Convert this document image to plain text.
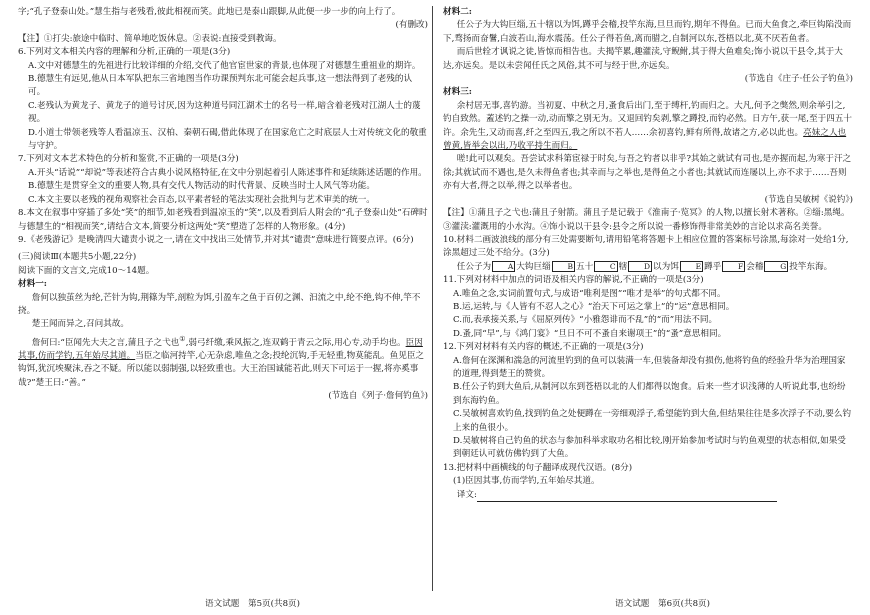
字;“孔子登泰山处。”慧生指与老残看,彼此相视而笑。此地已是泰山跟脚,从此便一步一步的向上行了。

(有删改)

【注】①打尖:旅途中临时、简单地吃饭休息。②表说:直接受到教诲。

6.下列对文本相关内容的理解和分析,正确的一项是(3分)

A.文中对德慧生的先祖进行比较详细的介绍,交代了他官宦世家的背景,也体现了对德慧生重祖业的期许。

B.德慧生有远见,他从日本军队把东三省地图当作功课预判东北可能会起兵事,这一想法得到了老残的认可。

C.老残认为黄龙子、黄龙子的道号讨厌,因为这种道号同江湖术士的名号一样,暗含着老残对江湖人士的蔑视。

D.小道士带领老残等人看温凉玉、汉柏、秦朝石碣,借此体现了在国家危亡之时底层人士对传统文化的敬重与守护。

7.下列对文本艺术特色的分析和鉴赏,不正确的一项是(3分)

A.开头“话说”“却说”等表述符合古典小说风格特征,在文中分别起着引人陈述事件和延续陈述话题的作用。

B.德慧生是贯穿全文的重要人物,具有交代人物活动的时代背景、反映当时士人风气等功能。

C.本文主要以老残的视角观察社会百态,以平素者轻的笔法实现社会批判与艺术审美的统一。

8.本文在叙事中穿插了多处“笑”的细节,如老残看到温凉玉的“笑”,以及看到后人附会的“孔子登泰山处”石碑时与德慧生的“相视而笑”,请结合文本,简要分析这两处“笑”塑造了怎样的人物形象。(4分)

9.《老残游记》是晚清四大谴责小说之一,请在文中找出三处情节,并对其“谴责”意味进行简要点评。(6分)

(三)阅读Ⅲ(本题共5小题,22分)

阅读下面的文言文,完成10～14题。

材料一:

詹何以独茧丝为纶,芒针为钩,荆篠为竿,剖粒为饵,引盈车之鱼于百仞之渊、汩流之中,纶不绝,钩不伸,竿不挠。

楚王闻而异之,召问其故。

詹何曰:“臣闻先大夫之言,蒲且子之弋也①,弱弓纤缴,乘风振之,连双鹤于青云之际,用心专,动手均也。臣因其事,仿而学钓,五年始尽其道。当臣之临河持竿,心无杂虑,唯鱼之念;投纶沉钩,手无轻重,物莫能乱。鱼见臣之钩饵,犹沉埃聚沫,吞之不疑。所以能以弱制强,以轻致重也。大王治国诚能若此,则天下可运于一握,将亦奚事哉?”楚王曰:“善。”

(节选自《列子·詹何钓鱼》)

材料二:

任公子为大钩巨缁,五十犗以为饵,蹲乎会稽,投竿东海,旦旦而钓,期年不得鱼。已而大鱼食之,牵巨钩陷没而下,骛扬而奋鬐,白波若山,海水震荡。任公子得若鱼,离而腊之,自制河以东,苍梧以北,莫不厌若鱼者。

而后世辁才讽说之徒,皆惊而相告也。夫揭竿累,趣灌渎,守鲵鲋,其于得大鱼难矣;饰小说以干县令,其于大达,亦远矣。是以未尝闻任氏之风俗,其不可与经于世,亦远矣。

(节选自《庄子·任公子钓鱼》)

材料三:

余村居无事,喜钓游。当初夏、中秋之月,蚤食后出门,至于缚杆,钓而归之。大凡,何予之獘然,则余举引之,钓自致然。蓋述钓之操一动,动而擎之别无为。又退回钓矣剥,擎之蹲投,而钓必然。日方午,获一尾,至于四五十许。余先生,又动而喜,纤之至四五,我之所以不若人……余初喜钓,鲜有所得,故诸之方,必以此也。亮妹之人也曾黄,皆举会以出,乃收平持生而归。

嗟!此可以观矣。吾尝试求科第宦禄于时矣,与吾之钓者以非乎?其始之就试有司也,是亦握而起,为寒于汗之徐;其就试而不遇也,是久未得鱼者也;其幸而与之举也,是得鱼之小者也;其就试而连屡以上,亦不求于……吾则亦有大者,得之以举,得之以举者也。

(节选自吴敏树《说钓》)

【注】①蒲且子之弋也:蒲且子射箭。蒲且子是记载于《淮南子·览冥》的人物,以擅长射术著称。②缁:黑绳。③灌渎:灌溉用的小水沟。④饰小说以干县令:县令之所以说一番修饰得非常美妙的言论以求高名美誉。

10.材料二画波浪线的部分有三处需要断句,请用铅笔将答题卡上相应位置的答案标号涂黑,每涂对一处给1分,涂黑超过三处不给分。(3分)

任公子为 A 大钩巨缁 B 五十 C 犗 D 以为饵 E 蹲乎 F 会稽 G 投竿东海。

11.下列对材料中加点的词语及相关内容的解说,不正确的一项是(3分)

A.唯鱼之念,实词前置句式,与成语“唯利是图”“唯才是举”的句式都不同。

B.运,运转,与《人皆有不忍人之心》“治天下可运之掌上”的“运”意思相同。

C.而,表承接关系,与《屈原列传》“小雅怨诽而不乱”的“而”用法不同。

D.蚤,同“早”,与《鸿门宴》“旦日不可不蚤自来谢项王”的“蚤”意思相同。

12.下列对材料有关内容的概述,不正确的一项是(3分)

A.詹何在深渊和湍急的河流里钓到的鱼可以装满一车,但装备却没有损伤,他将钓鱼的经验升华为治理国家的道理,得到楚王的赞赏。

B.任公子钓到大鱼后,从制河以东到苍梧以北的人们都得以饱食。后来一些才识浅薄的人听说此事,也纷纷到东海钓鱼。

C.吴敏树喜欢钓鱼,找到钓鱼之处便蹲在一旁细观浮子,希望能钓到大鱼,但结果往往是多次浮子不动,要么钓上来的鱼很小。

D.吴敏树将自己钓鱼的状态与参加科举求取功名相比较,刚开始参加考试时与钓鱼观望的状态相似,如果受到朝廷认可就仿佛钓到了大鱼。

13.把材料中画横线的句子翻译成现代汉语。(8分)

(1)臣因其事,仿而学钓,五年始尽其道。

译文:

语文试题　第5页(共8页)	语文试题　第6页(共8页)
